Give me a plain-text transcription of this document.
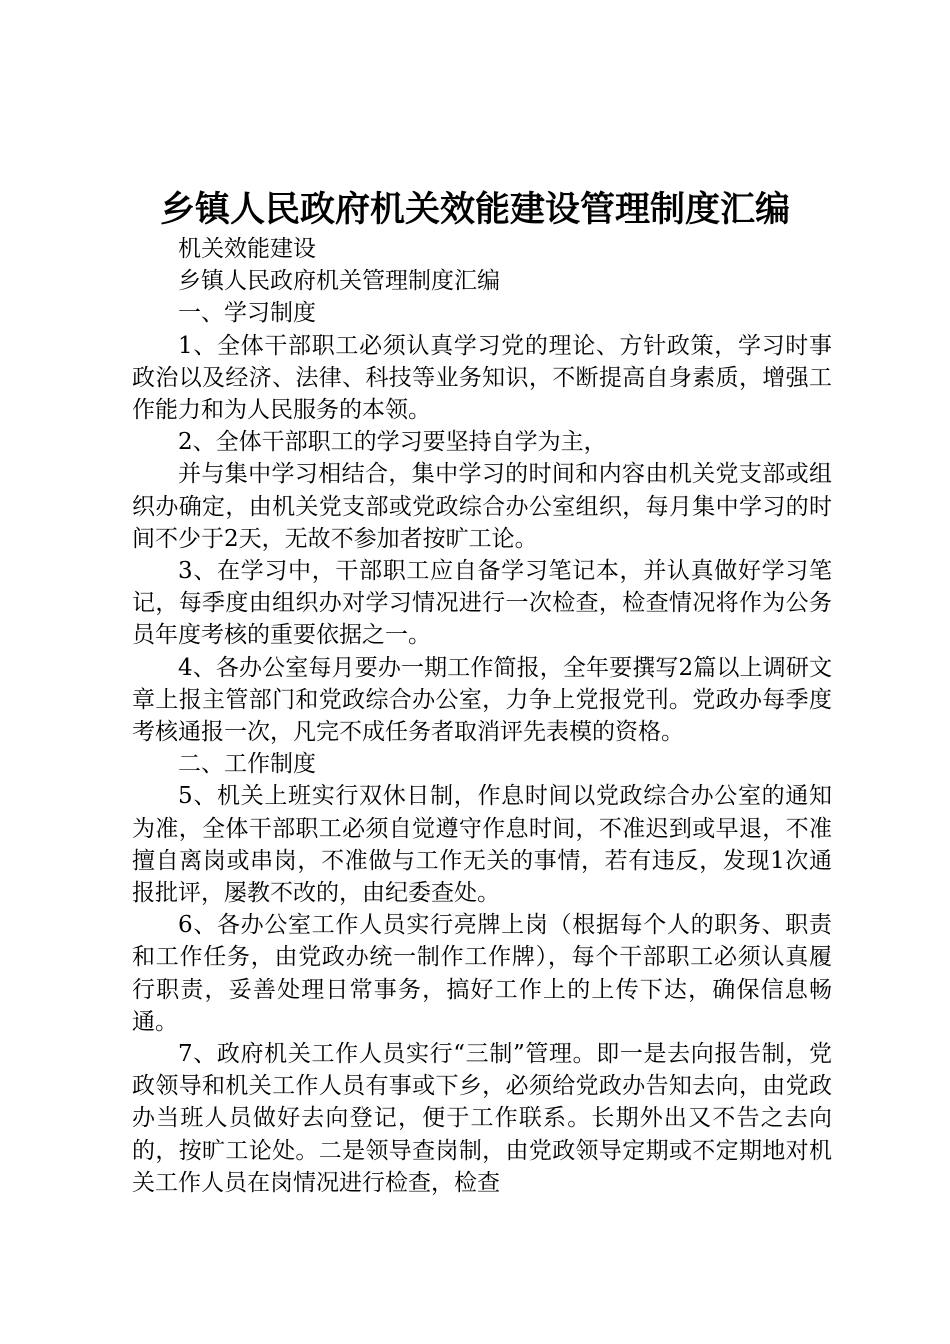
乡镇人民政府机关效能建设管理制度汇编

机关效能建设

乡镇人民政府机关管理制度汇编

一、学习制度

1、全体干部职工必须认真学习党的理论、方针政策，学习时事政治以及经济、法律、科技等业务知识，不断提高自身素质，增强工作能力和为人民服务的本领。

2、全体干部职工的学习要坚持自学为主，

并与集中学习相结合，集中学习的时间和内容由机关党支部或组织办确定，由机关党支部或党政综合办公室组织，每月集中学习的时间不少于2天，无故不参加者按旷工论。

3、在学习中，干部职工应自备学习笔记本，并认真做好学习笔记，每季度由组织办对学习情况进行一次检查，检查情况将作为公务员年度考核的重要依据之一。

4、各办公室每月要办一期工作简报，全年要撰写2篇以上调研文章上报主管部门和党政综合办公室，力争上党报党刊。党政办每季度考核通报一次，凡完不成任务者取消评先表模的资格。

二、工作制度

5、机关上班实行双休日制，作息时间以党政综合办公室的通知为准，全体干部职工必须自觉遵守作息时间，不准迟到或早退，不准擅自离岗或串岗，不准做与工作无关的事情，若有违反，发现1次通报批评，屡教不改的，由纪委查处。

6、各办公室工作人员实行亮牌上岗（根据每个人的职务、职责和工作任务，由党政办统一制作工作牌），每个干部职工必须认真履行职责，妥善处理日常事务，搞好工作上的上传下达，确保信息畅通。

7、政府机关工作人员实行“三制”管理。即一是去向报告制，党政领导和机关工作人员有事或下乡，必须给党政办告知去向，由党政办当班人员做好去向登记，便于工作联系。长期外出又不告之去向的，按旷工论处。二是领导查岗制，由党政领导定期或不定期地对机关工作人员在岗情况进行检查，检查
